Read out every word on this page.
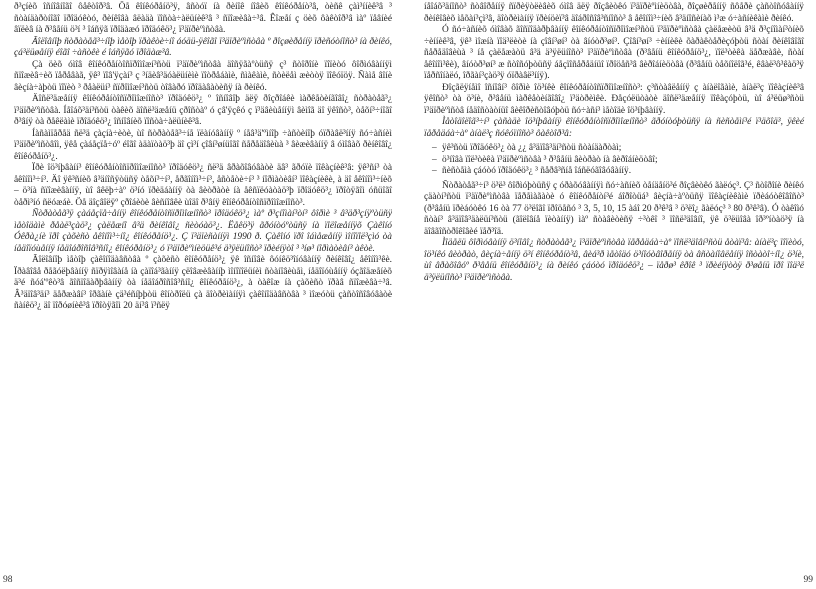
ð³çíèõ îñíîâíîãî ôåêòîð³â. Öå êîíêóðåíö³ÿ, âñòóï íà ðèíîê íîâèõ êîíêóðåíò³â, òèñê çàì³ííèê³â ³ ñòàíäàðòíîãî ïðîäóêòó, ðèíêîâà âëàäà ïîñòà÷àëüíèê³â ³ ñïîæèâà÷³â. Êîæåí ç öèõ ôàêòîð³â ìàº ïåâíèé âïëèâ íà ð³âåíü ö³í ³ îáñÿã ïðîäàæó ïðîäóêö³¿ ï³äïðèºìñòâà.

Ãîëîâíîþ ñòðàòåã³÷íîþ ìåòîþ ïðàêòè÷íî áóäü-ÿêîãî ï³äïðèºìñòâà º ðîçøèðåííÿ ïðèñóòíîñò³ íà ðèíêó, çá³ëüøåííÿ éîãî ÷àñòêè é îáñÿãó ïðîäàæ³â.

Çà öèõ óìîâ êîíêóðåíòîñïðîìîæí³ñòü ï³äïðèºìñòâà äîñÿãàºòüñÿ ç³ ñòîðîíè ïîïèòó ôîðìóâàííÿì ñïîæèâ÷èõ ïåðåâàã, ÿê³ ïîâ'ÿçàí³ ç ³íäèâ³äóàëüíèìè ïîòðåáàìè, ñìàêàìè, ñòèëåì æèòòÿ ïîêóïöÿ. Ñàìå âîíè âèçíà÷àþòü ïîïèò ³ ðåàëüí³ ñïðîìîæí³ñòü òîâàðó ïðîäàâàòèñÿ íà ðèíêó.

Äîñë³äæåííÿ êîíêóðåíòîñïðîìîæíîñò³ ïðîäóêö³¿ º îñíîâîþ äëÿ ðîçðîáêè ìàðêåòèíãîâî¿ ñòðàòåã³¿ ï³äïðèºìñòâà. Íåîáõ³äí³ñòü òàêèõ äîñë³äæåíü çðîñòàº ó çâ'ÿçêó ç ï³äâèùåííÿì âèìîã äî ÿêîñò³, òåõí³÷íîãî ð³âíÿ òà ðåêëàìè ïðîäóêö³¿ îñíîâíèõ ïîñòà÷àëüíèê³â.

Íàñàìïåðåä ñë³ä çàçíà÷èòè, ùî ñòðàòåã³÷íå ïëàíóâàííÿ º íåâ³ä'ºìíîþ ÷àñòèíîþ óïðàâë³ííÿ ñó÷àñíèì ï³äïðèºìñòâîì, ÿêå çàáåçïå÷óº éîãî àäàïòàö³þ äî çì³í çîâí³øíüîãî ñåðåäîâèùà ³ âèæèâàííÿ â óìîâàõ ðèíêîâî¿ êîíêóðåíö³¿.

Ïðè îö³íþâàíí³ êîíêóðåíòîñïðîìîæíîñò³ ïðîäóêö³¿ ñë³ä âðàõîâóâàòè äâ³ ãðóïè ïîêàçíèê³â: ÿê³ñí³ òà åêîíîì³÷í³. Äî ÿê³ñíèõ â³äíîñÿòüñÿ òåõí³÷í³, åðãîíîì³÷í³, åñòåòè÷í³ ³ íîðìàòèâí³ ïîêàçíèêè, à äî åêîíîì³÷íèõ – ö³íà ñïîæèâàííÿ, ùî âêëþ÷àº ö³íó ïðèäáàííÿ òà âèòðàòè íà åêñïëóàòàö³þ ïðîäóêö³¿ ïðîòÿãîì óñüîãî òåðì³íó ñëóæáè. Öå äîçâîëÿº çðîáèòè âèñíîâêè ùîäî ð³âíÿ êîíêóðåíòîñïðîìîæíîñò³.

Ñòðàòåã³ÿ çàáåçïå÷åííÿ êîíêóðåíòîñïðîìîæíîñò³ ïðîäóêö³¿ ìàº ð³çíîìàí³òí³ ôîðìè ³ â³äð³çíÿºòüñÿ ìåòîäàìè ðåàë³çàö³¿ çàëåæíî â³ä ðèíêîâî¿ ñèòóàö³¿. Ëåêö³ÿ ãðóíòóºòüñÿ íà ïîëîæåííÿõ Çàêîíó Óêðà¿íè ïðî çàõèñò åêîíîì³÷íî¿ êîíêóðåíö³¿. Ç ï³äïèñàííÿì 1990 ð. Çàêîíó ïðî îáìåæåííÿ ìîíîïîë³çìó òà íåäîïóùåííÿ íåäîáðîñîâ³ñíî¿ êîíêóðåíö³¿ ó ï³äïðèºìíèöüê³é ä³ÿëüíîñò³ ïðèéíÿòî ³ ³íø³ íîðìàòèâí³ àêòè.

Ãîëîâíîþ ìåòîþ çàêîíîäàâñòâà º çàõèñò êîíêóðåíö³¿ ÿê îñíîâè ôóíêö³îíóâàííÿ ðèíêîâî¿ åêîíîì³êè. Ïðàâîâå ðåãóëþâàííÿ ñïðÿìîâàíå íà çàïîá³ãàííÿ çëîâæèâàííþ ìîíîïîëüíèì ñòàíîâèùåì, íåäîïóùåííÿ óçãîäæåíèõ ä³é ñóá'ºêò³â ãîñïîäàðþâàííÿ òà íåäîáðîñîâ³ñíî¿ êîíêóðåíö³¿, à òàêîæ íà çàõèñò ïðàâ ñïîæèâà÷³â. Â³äïîâ³äí³ äåðæàâí³ îðãàíè çä³éñíþþòü êîíòðîëü çà äîòðèìàííÿì çàêîíîäàâñòâà ³ ìîæóòü çàñòîñîâóâàòè ñàíêö³¿ äî ïîðóøíèê³â ïðîòÿãîì 20 äí³â ï³ñëÿ

98

íåîáõ³äíîñò³ ñòâîðåííÿ ñïðèÿòëèâèõ óìîâ äëÿ ðîçâèòêó ï³äïðèºìíèöòâà, ðîçøèðåííÿ ñôåðè çàñòîñóâàííÿ ðèíêîâèõ ìåõàí³çì³â, äîòðèìàííÿ ïðèíöèï³â äîáðîñîâ³ñíîñò³ â åêîíîì³÷íèõ â³äíîñèíàõ ì³æ ó÷àñíèêàìè ðèíêó.

Ó ñó÷àñíèõ óìîâàõ ãîñïîäàðþâàííÿ êîíêóðåíòîñïðîìîæí³ñòü ï³äïðèºìñòâà çàëåæèòü â³ä ð³çíîìàí³òíèõ ÷èííèê³â, ÿê³ ìîæíà ïîä³ëèòè íà çîâí³øí³ òà âíóòð³øí³. Çîâí³øí³ ÷èííèêè õàðàêòåðèçóþòü ñòàí ðèíêîâîãî ñåðåäîâèùà ³ íå çàëåæàòü â³ä ä³ÿëüíîñò³ ï³äïðèºìñòâà (ð³âåíü êîíêóðåíö³¿, ïîë³òèêà äåðæàâè, ñòàí åêîíîì³êè), âíóòð³øí³ æ ñòîñóþòüñÿ áåçïîñåðåäíüî ïðîöåñ³â âèðîáíèöòâà (ð³âåíü òåõíîëîã³é, êâàë³ô³êàö³ÿ ïåðñîíàëó, îðãàí³çàö³ÿ óïðàâë³ííÿ).

Ðîçãëÿíåìî îñíîâí³ ôîðìè îö³íêè êîíêóðåíòîñïðîìîæíîñò³: ç³ñòàâëåííÿ ç àíàëîãàìè, àíàë³ç ïîêàçíèê³â ÿêîñò³ òà ö³íè, ð³âåíü ìàðêåòèíãîâî¿ ï³äòðèìêè. Ðåçóëüòàòè äîñë³äæåííÿ ïîêàçóþòü, ùî á³ëüø³ñòü ï³äïðèºìñòâ íåäîñòàòíüî âèêîðèñòîâóþòü ñó÷àñí³ ìåòîäè îö³íþâàííÿ.

Ìåòîäîëîã³÷í³ çàñàäè îö³íþâàííÿ êîíêóðåíòîñïðîìîæíîñò³ ãðóíòóþòüñÿ íà ñèñòåìí³é ï³äõîä³, ÿêèé ïåðåäáà÷àº àíàë³ç ñóêóïíîñò³ ôàêòîð³â:

– ÿê³ñòü ïðîäóêö³¿ òà ¿¿ â³äïîâ³äí³ñòü ñòàíäàðòàì;
– ö³íîâà ïîë³òèêà ï³äïðèºìñòâà ³ ð³âåíü âèòðàò íà âèðîáíèöòâî;
– ñèñòåìà çáóòó ïðîäóêö³¿ ³ ñåðâ³ñíå îáñëóãîâóâàííÿ.

Ñòðàòåã³÷í³ ö³ë³ ôîðìóþòüñÿ ç óðàõóâàííÿì ñó÷àñíèõ òåíäåíö³é ðîçâèòêó ãàëóç³. Ç³ ñòîðîíè ðèíêó çäàòí³ñòü ï³äïðèºìñòâà ïåðåìàãàòè ó êîíêóðåíòí³é áîðîòüá³ âèçíà÷àºòüñÿ ïîêàçíèêàìè ïðèáóòêîâîñò³ (ð³âåíü ïðèáóòêó 16 òà 77 ö³ëîãî ïðîöåñó ³ 3, 5, 10, 15 àáî 20 ð³ê³â ³ ö³ëî¿ ãàëóç³ ³ 80 ð³ê³â). Ó òàêîìó ñòàí³ â³äïîâ³äàëüí³ñòü (ãîëîâíå ïèòàííÿ) ìàº ñòàâèòèñÿ ÷³òêî ³ ïîñë³äîâíî, ÿê ö³ëüîâà îð³ºíòàö³ÿ íà äîâãîñòðîêîâèé ïåð³îä.

Ìîäåëü ôîðìóâàííÿ ö³íîâî¿ ñòðàòåã³¿ ï³äïðèºìñòâà ïåðåäáà÷àº ïîñë³äîâí³ñòü åòàï³â: àíàë³ç ïîïèòó, îö³íêó âèòðàò, âèçíà÷åííÿ ö³í êîíêóðåíò³â, âèá³ð ìåòîäó ö³íîóòâîðåííÿ òà âñòàíîâëåííÿ îñòàòî÷íî¿ ö³íè, ùî âðàõîâóº ð³âåíü êîíêóðåíö³¿ íà ðèíêó çáóòó ïðîäóêö³¿ – ïåðø³ êðîê ³ ïðèéíÿòòÿ ð³øåíü ïðî ïîä³ë ä³ÿëüíîñò³ ï³äïðèºìñòâà.

99
